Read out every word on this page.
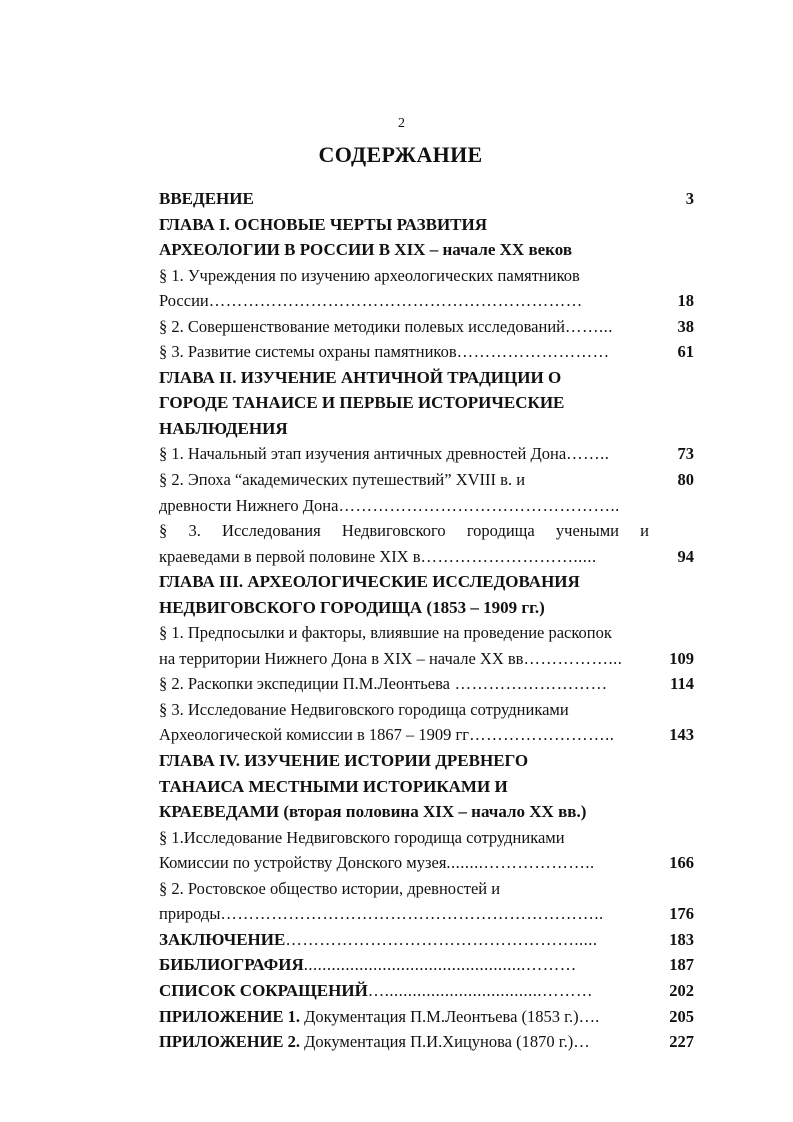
2
СОДЕРЖАНИЕ
ВВЕДЕНИЕ	3
ГЛАВА I. ОСНОВЫЕ ЧЕРТЫ РАЗВИТИЯ
АРХЕОЛОГИИ В РОССИИ В XIX – начале XX веков
§ 1. Учреждения по изучению археологических памятников
России…………………………………………………………	18
§ 2. Совершенствование методики полевых исследований……...	38
§ 3. Развитие системы охраны памятников………………………	61
ГЛАВА II. ИЗУЧЕНИЕ АНТИЧНОЙ ТРАДИЦИИ О
ГОРОДЕ ТАНАИСЕ И ПЕРВЫЕ ИСТОРИЧЕСКИЕ
НАБЛЮДЕНИЯ
§ 1. Начальный этап изучения античных древностей Дона……..	73
§ 2. Эпоха “академических путешествий” XVIII в. и	80
древности Нижнего Дона…………………………………………..
§ 3. Исследования Недвиговского городища учеными и
краеведами в первой половине XIX в……………………….....	94
ГЛАВА III. АРХЕОЛОГИЧЕСКИЕ ИССЛЕДОВАНИЯ
НЕДВИГОВСКОГО ГОРОДИЩА (1853 – 1909 гг.)
§ 1. Предпосылки и факторы, влиявшие на проведение раскопок
на территории Нижнего Дона в XIX – начале XX вв……………...	109
§ 2. Раскопки экспедиции П.М.Леонтьева ………………………	114
§ 3. Исследование Недвиговского городища сотрудниками
Археологической комиссии в 1867 – 1909 гг……………………..	143
ГЛАВА IV. ИЗУЧЕНИЕ ИСТОРИИ ДРЕВНЕГО
ТАНАИСА МЕСТНЫМИ ИСТОРИКАМИ И
КРАЕВЕДАМИ (вторая половина XIX – начало XX вв.)
§ 1.Исследование Недвиговского городища сотрудниками
Комиссии по устройству Донского музея........………………..	166
§ 2. Ростовское общество истории, древностей и
природы…………………………………………………………..	176
ЗАКЛЮЧЕНИЕ…………………………………………….....	183
БИБЛИОГРАФИЯ................................................………	187
СПИСОК СОКРАЩЕНИЙ…..................................………	202
ПРИЛОЖЕНИЕ 1. Документация П.М.Леонтьева (1853 г.)….	205
ПРИЛОЖЕНИЕ 2. Документация П.И.Хицунова (1870 г.)…	227
